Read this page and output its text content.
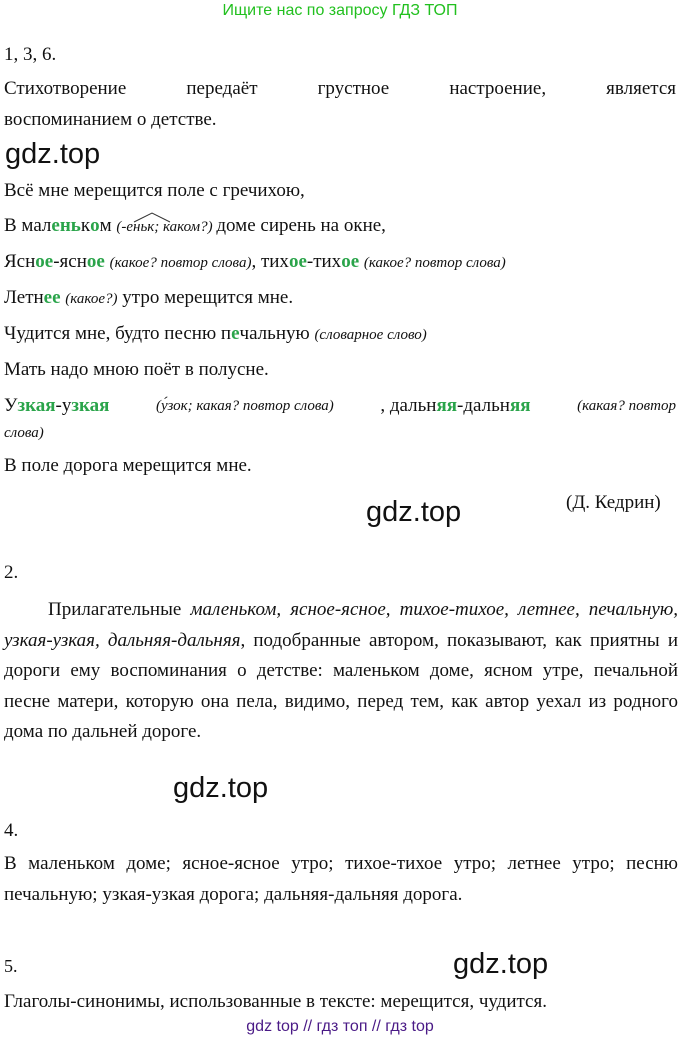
Ищите нас по запросу ГДЗ ТОП
1, 3, 6.
Стихотворение	передаёт	грустное	настроение,	является
воспоминанием о детстве.
gdz.top
Всё мне мерещится поле с гречихою,
В маленьком (-еньк; каком?) доме сирень на окне,
Ясное-ясное (какое? повтор слова), тихое-тихое (какое? повтор слова)
Летнее (какое?) утро мерещится мне.
Чудится мне, будто песню печальную (словарное слово)
Мать надо мною поёт в полусне.
Узкая-узкая	(у́зок; какая? повтор слова) , дальняя-дальняя	(какая? повтор
слова)
В поле дорога мерещится мне.
(Д. Кедрин)
gdz.top
2.
Прилагательные маленьком, ясное-ясное, тихое-тихое, летнее, печальную, узкая-узкая, дальняя-дальняя, подобранные автором, показывают, как приятны и дороги ему воспоминания о детстве: маленьком доме, ясном утре, печальной песне матери, которую она пела, видимо, перед тем, как автор уехал из родного дома по дальней дороге.
gdz.top
4.
В маленьком доме; ясное-ясное утро; тихое-тихое утро; летнее утро; песню печальную; узкая-узкая дорога; дальняя-дальняя дорога.
5.	gdz.top
Глаголы-синонимы, использованные в тексте: мерещится, чудится.
gdz top // гдз топ // гдз top
